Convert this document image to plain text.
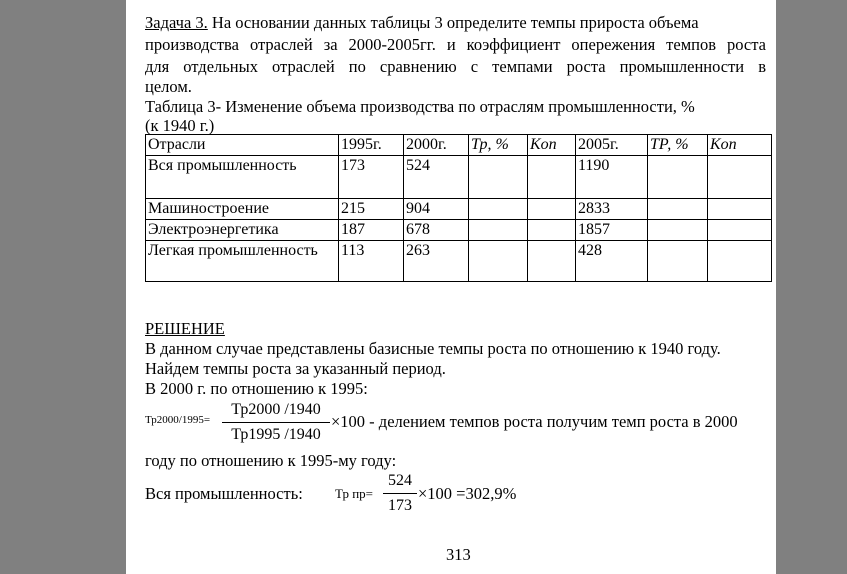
Задача 3. На основании данных таблицы 3 определите темпы прироста объема
производства отраслей за 2000-2005гг. и коэффициент опережения темпов роста
для отдельных отраслей по сравнению с темпами роста промышленности в
целом.
Таблица 3- Изменение объема производства по отраслям промышленности, %
(к 1940 г.)
Отрасли	1995г.	2000г.	Тр, %	Kоп	2005г.	ТР, %	Kоп
Вся промышленность	173	524			1190		
Машиностроение	215	904			2833		
Электроэнергетика	187	678			1857		
Легкая промышленность	113	263			428		
РЕШЕНИЕ
В данном случае представлены базисные темпы роста по отношению к 1940 году.
Найдем темпы роста за указанный период.
В 2000 г. по отношению к 1995:
Тр2000/1995=
Тр2000 /1940
Тр1995 /1940
×100 - делением темпов роста получим темп роста в 2000
году по отношению к 1995-му году:
Вся промышленность: Тр пр=
524
173
×100 =302,9%
313
